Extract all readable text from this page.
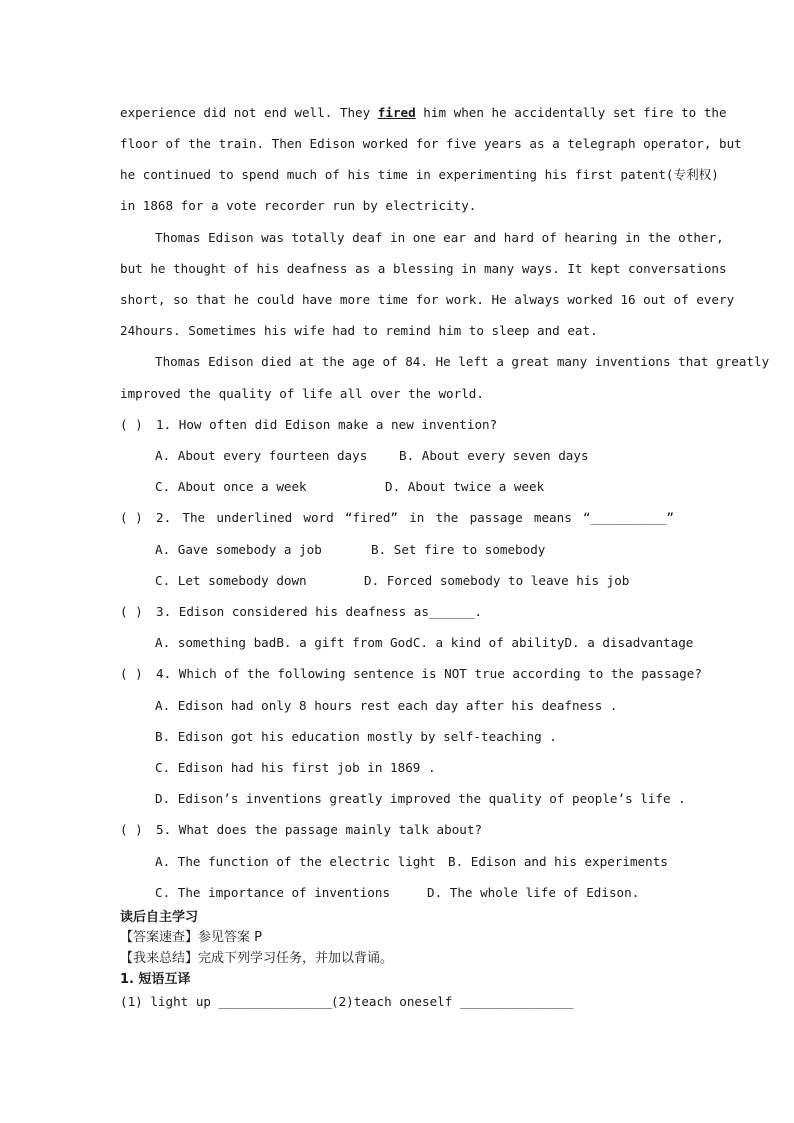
experience did not end well. They fired him when he accidentally set fire to the
floor of the train. Then Edison worked for five years as a telegraph operator, but
he continued to spend much of his time in experimenting his first patent(专利权)
in 1868 for a vote recorder run by electricity.
Thomas Edison was totally deaf in one ear and hard of hearing in the other,
but he thought of his deafness as a blessing in many ways. It kept conversations
short, so that he could have more time for work. He always worked 16 out of every
24hours. Sometimes his wife had to remind him to sleep and eat.
Thomas Edison died at the age of 84. He left a great many inventions that greatly
improved the quality of life all over the world.
( ) 1. How often did Edison make a new invention?
A. About every fourteen days	B. About every seven days
C. About once a week	D. About twice a week
( ) 2. The underlined word “fired” in the passage means “__________”
A. Gave somebody a job	B. Set fire to somebody
C. Let somebody down	D. Forced somebody to leave his job
( ) 3. Edison considered his deafness as______.
A. something bad B. a gift from God C. a kind of ability D. a disadvantage
( ) 4. Which of the following sentence is NOT true according to the passage?
A. Edison had only 8 hours rest each day after his deafness .
B. Edison got his education mostly by self-teaching .
C. Edison had his first job in 1869 .
D. Edison’s inventions greatly improved the quality of people’s life .
( ) 5. What does the passage mainly talk about?
A. The function of the electric light B. Edison and his experiments
C. The importance of inventions	D. The whole life of Edison.
读后自主学习
【答案速查】参见答案 P
【我来总结】完成下列学习任务，并加以背诵。
1. 短语互译
(1) light up _______________
(2)teach oneself _______________
